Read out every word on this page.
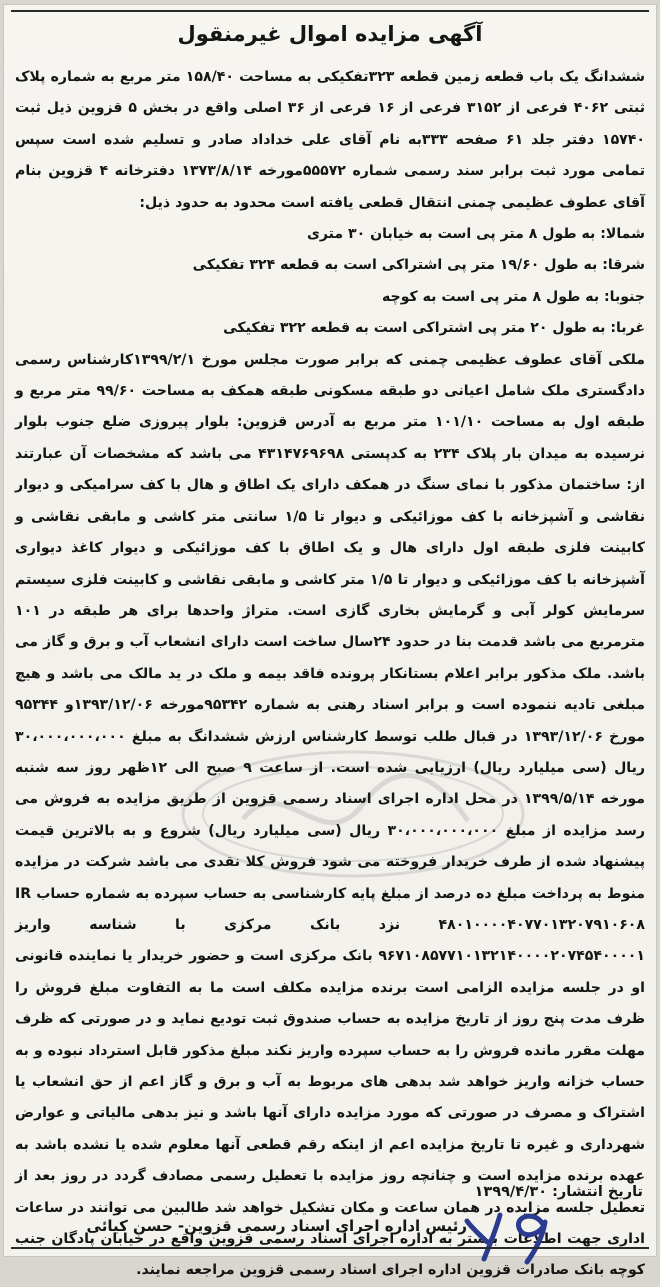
آگهی مزایده اموال غیرمنقول

ششدانگ یک باب قطعه زمین قطعه ۳۲۳تفکیکی به مساحت ۱۵۸/۴۰ متر مربع به شماره پلاک ثبتی ۴۰۶۲ فرعی از ۳۱۵۲ فرعی از ۱۶ فرعی از ۳۶ اصلی واقع در بخش ۵ قزوین ذیل ثبت ۱۵۷۴۰ دفتر جلد ۶۱ صفحه ۳۳۳به نام آقای علی خداداد صادر و تسلیم شده است سپس تمامی مورد ثبت برابر سند رسمی شماره ۵۵۵۷۲مورخه ۱۳۷۳/۸/۱۴ دفترخانه ۴ قزوین بنام آقای عطوف عظیمی چمنی انتقال قطعی یافته است محدود به حدود ذیل:

شمالا: به طول ۸ متر پی است به خیابان ۳۰ متری

شرقا: به طول ۱۹/۶۰ متر پی اشتراکی است به قطعه ۳۲۴ تفکیکی

جنوبا: به طول ۸ متر پی است به کوچه

غربا: به طول ۲۰ متر پی اشتراکی است به قطعه ۳۲۲ تفکیکی

ملکی آقای عطوف عظیمی چمنی که برابر صورت مجلس مورخ ۱۳۹۹/۲/۱کارشناس رسمی دادگستری ملک شامل اعیانی دو طبقه مسکونی طبقه همکف به مساحت ۹۹/۶۰ متر مربع و طبقه اول به مساحت ۱۰۱/۱۰ متر مربع به آدرس قزوین: بلوار پیروزی ضلع جنوب بلوار نرسیده به میدان بار پلاک ۲۳۴ به کدپستی ۴۳۱۴۷۶۹۶۹۸ می باشد که مشخصات آن عبارتند از: ساختمان مذکور با نمای سنگ در همکف دارای یک اطاق و هال با کف سرامیکی و دیوار نقاشی و آشپزخانه با کف موزائیکی و دیوار تا ۱/۵ سانتی متر کاشی و مابقی نقاشی و کابینت فلزی طبقه اول دارای هال و یک اطاق با کف موزائیکی و دیوار کاغذ دیواری آشپزخانه با کف موزائیکی و دیوار تا ۱/۵ متر کاشی و مابقی نقاشی و کابینت فلزی سیستم سرمایش کولر آبی و گرمایش بخاری گازی است. متراژ واحدها برای هر طبقه در ۱۰۱ مترمربع می باشد قدمت بنا در حدود ۲۴سال ساخت است دارای انشعاب آب و برق و گاز می باشد. ملک مذکور برابر اعلام بستانکار پرونده فاقد بیمه و ملک در ید مالک می باشد و هیچ مبلغی تادیه ننموده است و برابر اسناد رهنی به شماره ۹۵۳۴۲مورخه ۱۳۹۳/۱۲/۰۶و ۹۵۳۴۴ مورخ ۱۳۹۳/۱۲/۰۶ در قبال طلب توسط کارشناس ارزش ششدانگ به مبلغ ۳۰،۰۰۰،۰۰۰،۰۰۰ ریال (سی میلیارد ریال) ارزیابی شده است. از ساعت ۹ صبح الی ۱۲ظهر روز سه شنبه مورخه ۱۳۹۹/۵/۱۴ در محل اداره اجرای اسناد رسمی قزوین از طریق مزایده به فروش می رسد مزایده از مبلغ ۳۰،۰۰۰،۰۰۰،۰۰۰ ریال (سی میلیارد ریال) شروع و به بالاترین قیمت پیشنهاد شده از طرف خریدار فروخته می شود فروش کلا نقدی می باشد شرکت در مزایده منوط به پرداخت مبلغ ده درصد از مبلغ پایه کارشناسی به حساب سپرده به شماره حساب IR ۴۸۰۱۰۰۰۰۴۰۷۷۰۱۳۲۰۷۹۱۰۶۰۸ نزد بانک مرکزی با شناسه واریز ۹۶۷۱۰۸۵۷۷۱۰۱۳۲۱۴۰۰۰۰۲۰۷۴۵۴۰۰۰۰۱ بانک مرکزی است و حضور خریدار یا نماینده قانونی او در جلسه مزایده الزامی است برنده مزایده مکلف است ما به التفاوت مبلغ فروش را ظرف مدت پنج روز از تاریخ مزایده به حساب صندوق ثبت تودیع نماید و در صورتی که ظرف مهلت مقرر مانده فروش را به حساب سپرده واریز نکند مبلغ مذکور قابل استرداد نبوده و به حساب خزانه واریز خواهد شد بدهی های مربوط به آب و برق و گاز اعم از حق انشعاب یا اشتراک و مصرف در صورتی که مورد مزایده دارای آنها باشد و نیز بدهی مالیاتی و عوارض شهرداری و غیره تا تاریخ مزایده اعم از اینکه رقم قطعی آنها معلوم شده یا نشده باشد به عهده برنده مزایده است و چنانچه روز مزایده با تعطیل رسمی مصادف گردد در روز بعد از تعطیل جلسه مزایده در همان ساعت و مکان تشکیل خواهد شد طالبین می توانند در ساعات اداری جهت اطلاعات بیشتر به اداره اجرای اسناد رسمی قزوین واقع در خیابان پادگان جنب کوچه بانک صادرات قزوین اداره اجرای اسناد رسمی قزوین مراجعه نمایند.

تاریخ انتشار: ۱۳۹۹/۴/۳۰
رئیس اداره اجرای اسناد رسمی قزوین- حسن کیائی
